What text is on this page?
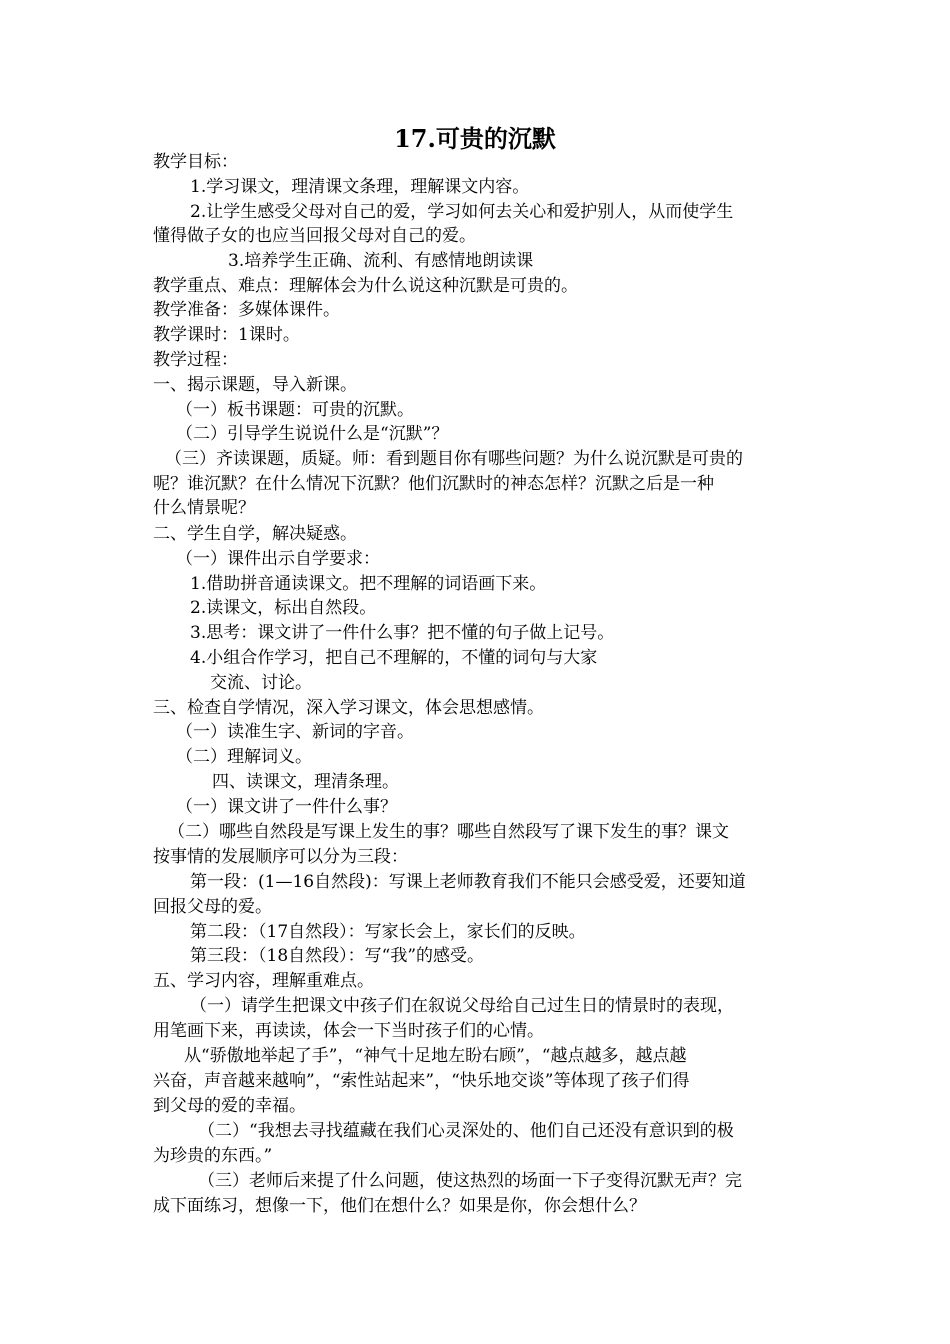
17.可贵的沉默
教学目标：
1.学习课文，理清课文条理，理解课文内容。
2.让学生感受父母对自己的爱，学习如何去关心和爱护别人，从而使学生
懂得做子女的也应当回报父母对自己的爱。
3.培养学生正确、流利、有感情地朗读课
教学重点、难点：理解体会为什么说这种沉默是可贵的。
教学准备：多媒体课件。
教学课时：1课时。
教学过程：
一、揭示课题，导入新课。
（一）板书课题：可贵的沉默。
（二）引导学生说说什么是“沉默”？
（三）齐读课题，质疑。师：看到题目你有哪些问题？为什么说沉默是可贵的
呢？谁沉默？在什么情况下沉默？他们沉默时的神态怎样？沉默之后是一种
什么情景呢？
二、学生自学，解决疑惑。
（一）课件出示自学要求：
1.借助拼音通读课文。把不理解的词语画下来。
2.读课文，标出自然段。
3.思考：课文讲了一件什么事？把不懂的句子做上记号。
4.小组合作学习，把自己不理解的，不懂的词句与大家
交流、讨论。
三、检查自学情况，深入学习课文，体会思想感情。
（一）读准生字、新词的字音。
（二）理解词义。
四、读课文，理清条理。
（一）课文讲了一件什么事？
（二）哪些自然段是写课上发生的事？哪些自然段写了课下发生的事？课文
按事情的发展顺序可以分为三段：
第一段：(1—16自然段)：写课上老师教育我们不能只会感受爱，还要知道
回报父母的爱。
第二段：（17自然段）：写家长会上，家长们的反映。
第三段：（18自然段）：写“我”的感受。
五、学习内容，理解重难点。
（一）请学生把课文中孩子们在叙说父母给自己过生日的情景时的表现，
用笔画下来，再读读，体会一下当时孩子们的心情。
从“骄傲地举起了手”，“神气十足地左盼右顾”，“越点越多，越点越
兴奋，声音越来越响”，“索性站起来”，“快乐地交谈”等体现了孩子们得
到父母的爱的幸福。
（二）“我想去寻找蕴藏在我们心灵深处的、他们自己还没有意识到的极
为珍贵的东西。”
（三）老师后来提了什么问题，使这热烈的场面一下子变得沉默无声？完
成下面练习，想像一下，他们在想什么？如果是你，你会想什么？
